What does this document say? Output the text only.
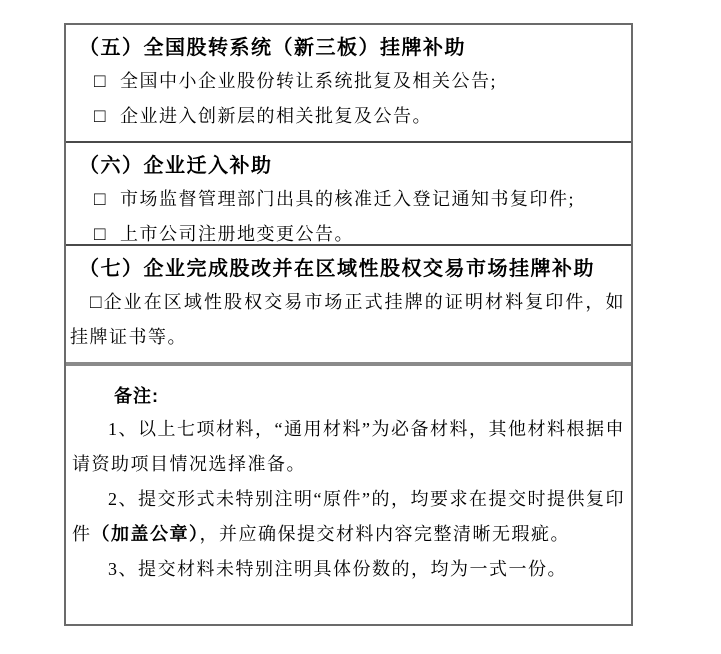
（五）全国股转系统（新三板）挂牌补助
□ 全国中小企业股份转让系统批复及相关公告;
□ 企业进入创新层的相关批复及公告。
（六）企业迁入补助
□ 市场监督管理部门出具的核准迁入登记通知书复印件;
□ 上市公司注册地变更公告。
（七）企业完成股改并在区域性股权交易市场挂牌补助

□企业在区域性股权交易市场正式挂牌的证明材料复印件，如挂牌证书等。

备注:

1、以上七项材料，“通用材料”为必备材料，其他材料根据申请资助项目情况选择准备。

2、提交形式未特别注明“原件”的，均要求在提交时提供复印件（加盖公章），并应确保提交材料内容完整清晰无瑕疵。

3、提交材料未特别注明具体份数的，均为一式一份。
